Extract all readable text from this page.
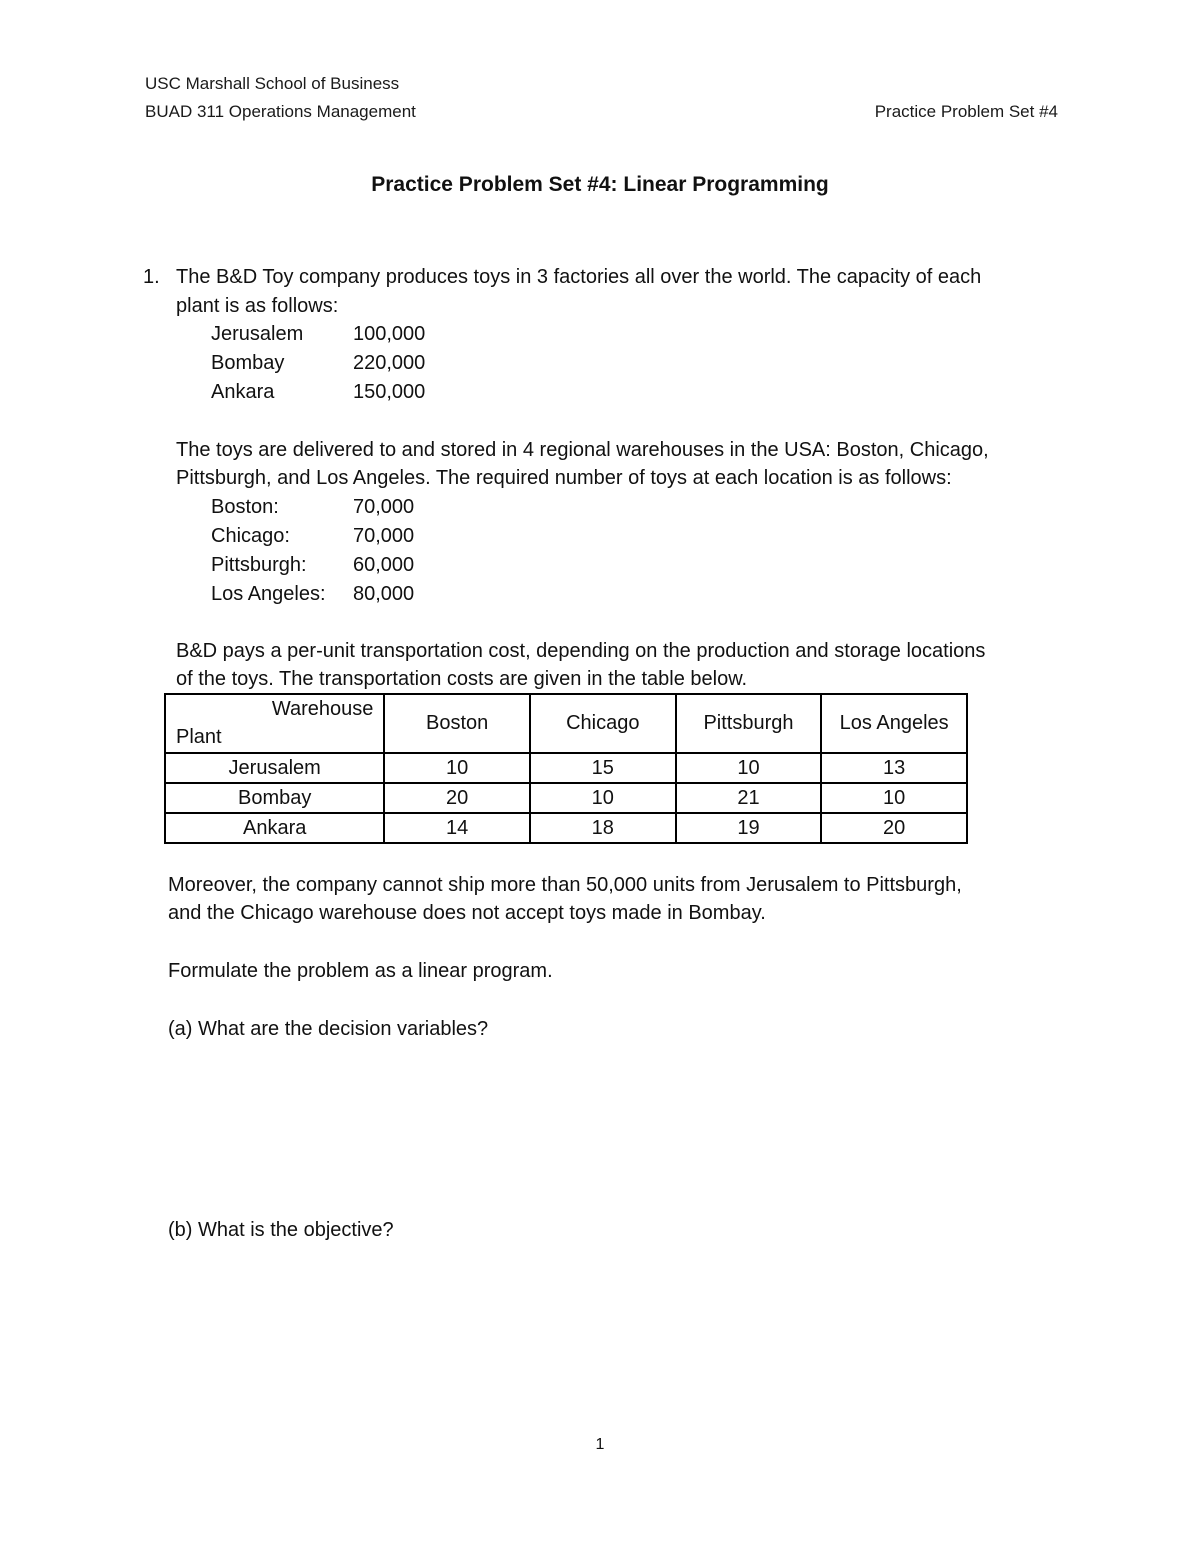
USC Marshall School of Business
BUAD 311 Operations Management	Practice Problem Set #4
Practice Problem Set #4: Linear Programming
1. The B&D Toy company produces toys in 3 factories all over the world. The capacity of each
plant is as follows:
Jerusalem 100,000
Bombay	220,000
Ankara	150,000
The toys are delivered to and stored in 4 regional warehouses in the USA: Boston, Chicago,
Pittsburgh, and Los Angeles. The required number of toys at each location is as follows:
Boston:	70,000
Chicago:	70,000
Pittsburgh: 60,000
Los Angeles: 80,000
B&D pays a per-unit transportation cost, depending on the production and storage locations
of the toys. The transportation costs are given in the table below.
Warehouse
Plant	Boston	Chicago	Pittsburgh	Los Angeles
Jerusalem	10	15	10	13
Bombay	20	10	21	10
Ankara	14	18	19	20
Moreover, the company cannot ship more than 50,000 units from Jerusalem to Pittsburgh,
and the Chicago warehouse does not accept toys made in Bombay.
Formulate the problem as a linear program.
(a) What are the decision variables?
(b) What is the objective?
1
